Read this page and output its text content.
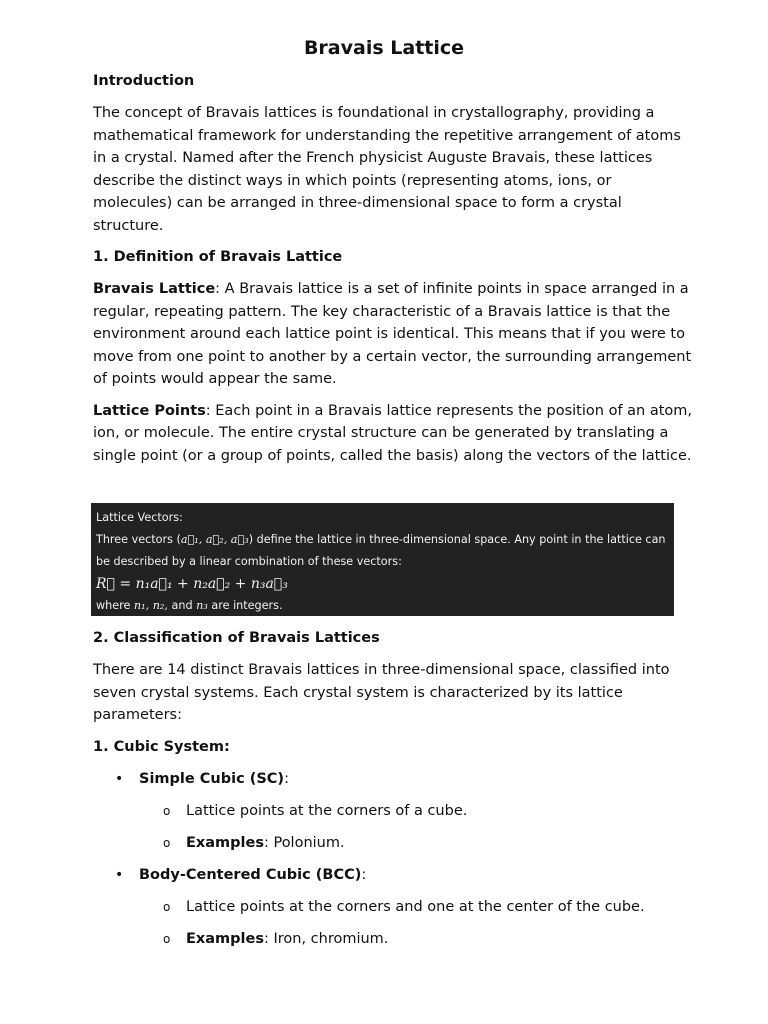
Bravais Lattice
Introduction

The concept of Bravais lattices is foundational in crystallography, providing a mathematical framework for understanding the repetitive arrangement of atoms in a crystal. Named after the French physicist Auguste Bravais, these lattices describe the distinct ways in which points (representing atoms, ions, or molecules) can be arranged in three-dimensional space to form a crystal structure.

1. Definition of Bravais Lattice

Bravais Lattice: A Bravais lattice is a set of infinite points in space arranged in a regular, repeating pattern. The key characteristic of a Bravais lattice is that the environment around each lattice point is identical. This means that if you were to move from one point to another by a certain vector, the surrounding arrangement of points would appear the same.

Lattice Points: Each point in a Bravais lattice represents the position of an atom, ion, or molecule. The entire crystal structure can be generated by translating a single point (or a group of points, called the basis) along the vectors of the lattice.

Lattice Vectors:
Three vectors (a⃗₁, a⃗₂, a⃗₃) define the lattice in three-dimensional space. Any point in the lattice can
be described by a linear combination of these vectors:
R⃗ = n₁a⃗₁ + n₂a⃗₂ + n₃a⃗₃
where n₁, n₂, and n₃ are integers.
2. Classification of Bravais Lattices

There are 14 distinct Bravais lattices in three-dimensional space, classified into seven crystal systems. Each crystal system is characterized by its lattice parameters:

1. Cubic System:
• Simple Cubic (SC):
o Lattice points at the corners of a cube.
o Examples: Polonium.
• Body-Centered Cubic (BCC):
o Lattice points at the corners and one at the center of the cube.
o Examples: Iron, chromium.
